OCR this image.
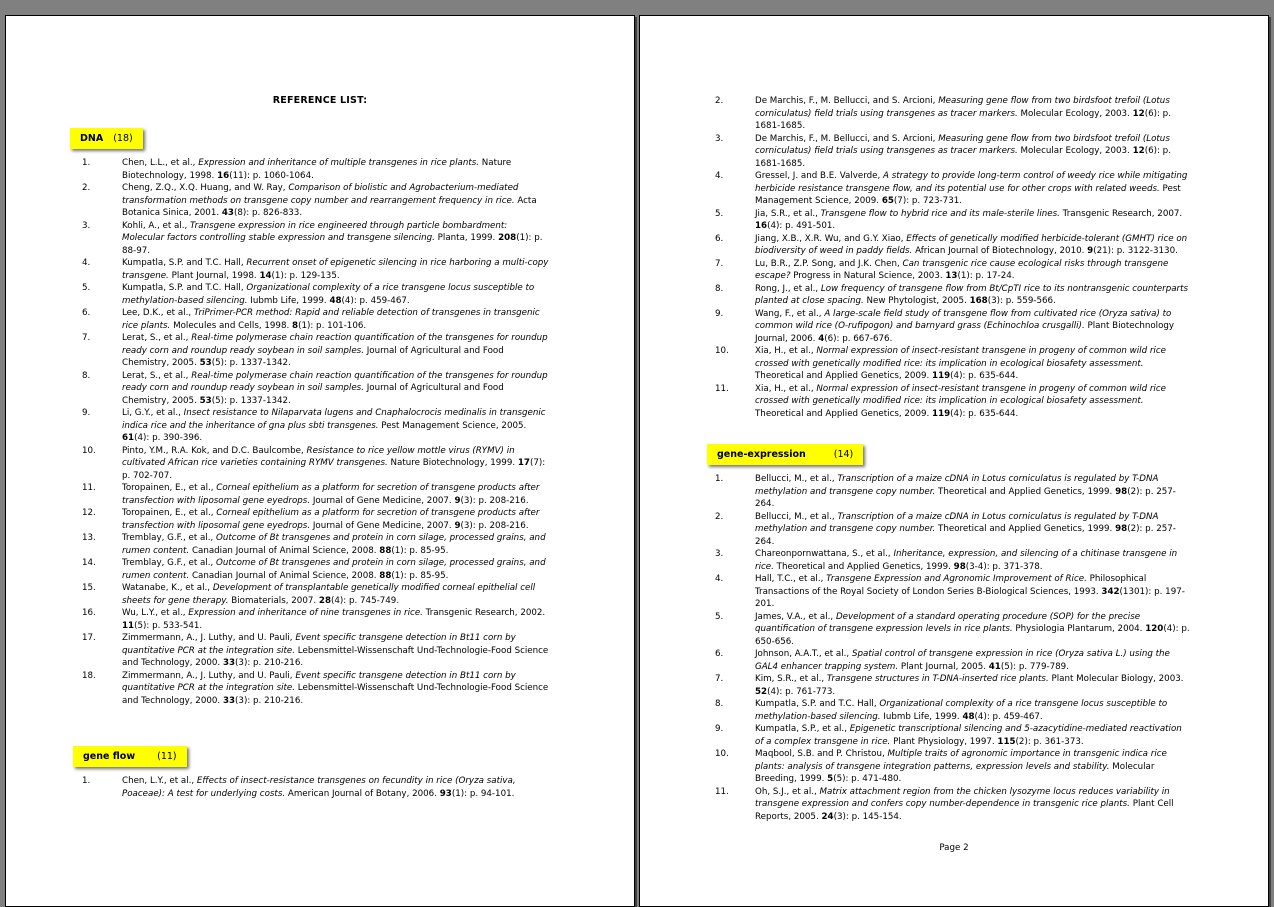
REFERENCE LIST:
DNA (18)
1.	Chen, L.L., et al., Expression and inheritance of multiple transgenes in rice plants. Nature Biotechnology, 1998. 16(11): p. 1060-1064.
2.	Cheng, Z.Q., X.Q. Huang, and W. Ray, Comparison of biolistic and Agrobacterium-mediated transformation methods on transgene copy number and rearrangement frequency in rice. Acta Botanica Sinica, 2001. 43(8): p. 826-833.
3.	Kohli, A., et al., Transgene expression in rice engineered through particle bombardment: Molecular factors controlling stable expression and transgene silencing. Planta, 1999. 208(1): p. 88-97.
4.	Kumpatla, S.P. and T.C. Hall, Recurrent onset of epigenetic silencing in rice harboring a multi-copy transgene. Plant Journal, 1998. 14(1): p. 129-135.
5.	Kumpatla, S.P. and T.C. Hall, Organizational complexity of a rice transgene locus susceptible to methylation-based silencing. Iubmb Life, 1999. 48(4): p. 459-467.
6.	Lee, D.K., et al., TriPrimer-PCR method: Rapid and reliable detection of transgenes in transgenic rice plants. Molecules and Cells, 1998. 8(1): p. 101-106.
7.	Lerat, S., et al., Real-time polymerase chain reaction quantification of the transgenes for roundup ready corn and roundup ready soybean in soil samples. Journal of Agricultural and Food Chemistry, 2005. 53(5): p. 1337-1342.
8.	Lerat, S., et al., Real-time polymerase chain reaction quantification of the transgenes for roundup ready corn and roundup ready soybean in soil samples. Journal of Agricultural and Food Chemistry, 2005. 53(5): p. 1337-1342.
9.	Li, G.Y., et al., Insect resistance to Nilaparvata lugens and Cnaphalocrocis medinalis in transgenic indica rice and the inheritance of gna plus sbti transgenes. Pest Management Science, 2005. 61(4): p. 390-396.
10.	Pinto, Y.M., R.A. Kok, and D.C. Baulcombe, Resistance to rice yellow mottle virus (RYMV) in cultivated African rice varieties containing RYMV transgenes. Nature Biotechnology, 1999. 17(7): p. 702-707.
11.	Toropainen, E., et al., Corneal epithelium as a platform for secretion of transgene products after transfection with liposomal gene eyedrops. Journal of Gene Medicine, 2007. 9(3): p. 208-216.
12.	Toropainen, E., et al., Corneal epithelium as a platform for secretion of transgene products after transfection with liposomal gene eyedrops. Journal of Gene Medicine, 2007. 9(3): p. 208-216.
13.	Tremblay, G.F., et al., Outcome of Bt transgenes and protein in corn silage, processed grains, and rumen content. Canadian Journal of Animal Science, 2008. 88(1): p. 85-95.
14.	Tremblay, G.F., et al., Outcome of Bt transgenes and protein in corn silage, processed grains, and rumen content. Canadian Journal of Animal Science, 2008. 88(1): p. 85-95.
15.	Watanabe, K., et al., Development of transplantable genetically modified corneal epithelial cell sheets for gene therapy. Biomaterials, 2007. 28(4): p. 745-749.
16.	Wu, L.Y., et al., Expression and inheritance of nine transgenes in rice. Transgenic Research, 2002. 11(5): p. 533-541.
17.	Zimmermann, A., J. Luthy, and U. Pauli, Event specific transgene detection in Bt11 corn by quantitative PCR at the integration site. Lebensmittel-Wissenschaft Und-Technologie-Food Science and Technology, 2000. 33(3): p. 210-216.
18.	Zimmermann, A., J. Luthy, and U. Pauli, Event specific transgene detection in Bt11 corn by quantitative PCR at the integration site. Lebensmittel-Wissenschaft Und-Technologie-Food Science and Technology, 2000. 33(3): p. 210-216.
gene flow (11)
1.	Chen, L.Y., et al., Effects of insect-resistance transgenes on fecundity in rice (Oryza sativa, Poaceae): A test for underlying costs. American Journal of Botany, 2006. 93(1): p. 94-101.
2.	De Marchis, F., M. Bellucci, and S. Arcioni, Measuring gene flow from two birdsfoot trefoil (Lotus corniculatus) field trials using transgenes as tracer markers. Molecular Ecology, 2003. 12(6): p. 1681-1685.
3.	De Marchis, F., M. Bellucci, and S. Arcioni, Measuring gene flow from two birdsfoot trefoil (Lotus corniculatus) field trials using transgenes as tracer markers. Molecular Ecology, 2003. 12(6): p. 1681-1685.
4.	Gressel, J. and B.E. Valverde, A strategy to provide long-term control of weedy rice while mitigating herbicide resistance transgene flow, and its potential use for other crops with related weeds. Pest Management Science, 2009. 65(7): p. 723-731.
5.	Jia, S.R., et al., Transgene flow to hybrid rice and its male-sterile lines. Transgenic Research, 2007. 16(4): p. 491-501.
6.	Jiang, X.B., X.R. Wu, and G.Y. Xiao, Effects of genetically modified herbicide-tolerant (GMHT) rice on biodiversity of weed in paddy fields. African Journal of Biotechnology, 2010. 9(21): p. 3122-3130.
7.	Lu, B.R., Z.P. Song, and J.K. Chen, Can transgenic rice cause ecological risks through transgene escape? Progress in Natural Science, 2003. 13(1): p. 17-24.
8.	Rong, J., et al., Low frequency of transgene flow from Bt/CpTI rice to its nontransgenic counterparts planted at close spacing. New Phytologist, 2005. 168(3): p. 559-566.
9.	Wang, F., et al., A large-scale field study of transgene flow from cultivated rice (Oryza sativa) to common wild rice (O-rufipogon) and barnyard grass (Echinochloa crusgalli). Plant Biotechnology Journal, 2006. 4(6): p. 667-676.
10.	Xia, H., et al., Normal expression of insect-resistant transgene in progeny of common wild rice crossed with genetically modified rice: its implication in ecological biosafety assessment. Theoretical and Applied Genetics, 2009. 119(4): p. 635-644.
11.	Xia, H., et al., Normal expression of insect-resistant transgene in progeny of common wild rice crossed with genetically modified rice: its implication in ecological biosafety assessment. Theoretical and Applied Genetics, 2009. 119(4): p. 635-644.
gene-expression	(14)
1.	Bellucci, M., et al., Transcription of a maize cDNA in Lotus corniculatus is regulated by T-DNA methylation and transgene copy number. Theoretical and Applied Genetics, 1999. 98(2): p. 257-264.
2.	Bellucci, M., et al., Transcription of a maize cDNA in Lotus corniculatus is regulated by T-DNA methylation and transgene copy number. Theoretical and Applied Genetics, 1999. 98(2): p. 257-264.
3.	Chareonpornwattana, S., et al., Inheritance, expression, and silencing of a chitinase transgene in rice. Theoretical and Applied Genetics, 1999. 98(3-4): p. 371-378.
4.	Hall, T.C., et al., Transgene Expression and Agronomic Improvement of Rice. Philosophical Transactions of the Royal Society of London Series B-Biological Sciences, 1993. 342(1301): p. 197-201.
5.	James, V.A., et al., Development of a standard operating procedure (SOP) for the precise quantification of transgene expression levels in rice plants. Physiologia Plantarum, 2004. 120(4): p. 650-656.
6.	Johnson, A.A.T., et al., Spatial control of transgene expression in rice (Oryza sativa L.) using the GAL4 enhancer trapping system. Plant Journal, 2005. 41(5): p. 779-789.
7.	Kim, S.R., et al., Transgene structures in T-DNA-inserted rice plants. Plant Molecular Biology, 2003. 52(4): p. 761-773.
8.	Kumpatla, S.P. and T.C. Hall, Organizational complexity of a rice transgene locus susceptible to methylation-based silencing. Iubmb Life, 1999. 48(4): p. 459-467.
9.	Kumpatla, S.P., et al., Epigenetic transcriptional silencing and 5-azacytidine-mediated reactivation of a complex transgene in rice. Plant Physiology, 1997. 115(2): p. 361-373.
10.	Maqbool, S.B. and P. Christou, Multiple traits of agronomic importance in transgenic indica rice plants: analysis of transgene integration patterns, expression levels and stability. Molecular Breeding, 1999. 5(5): p. 471-480.
11.	Oh, S.J., et al., Matrix attachment region from the chicken lysozyme locus reduces variability in transgene expression and confers copy number-dependence in transgenic rice plants. Plant Cell Reports, 2005. 24(3): p. 145-154.
Page 2
